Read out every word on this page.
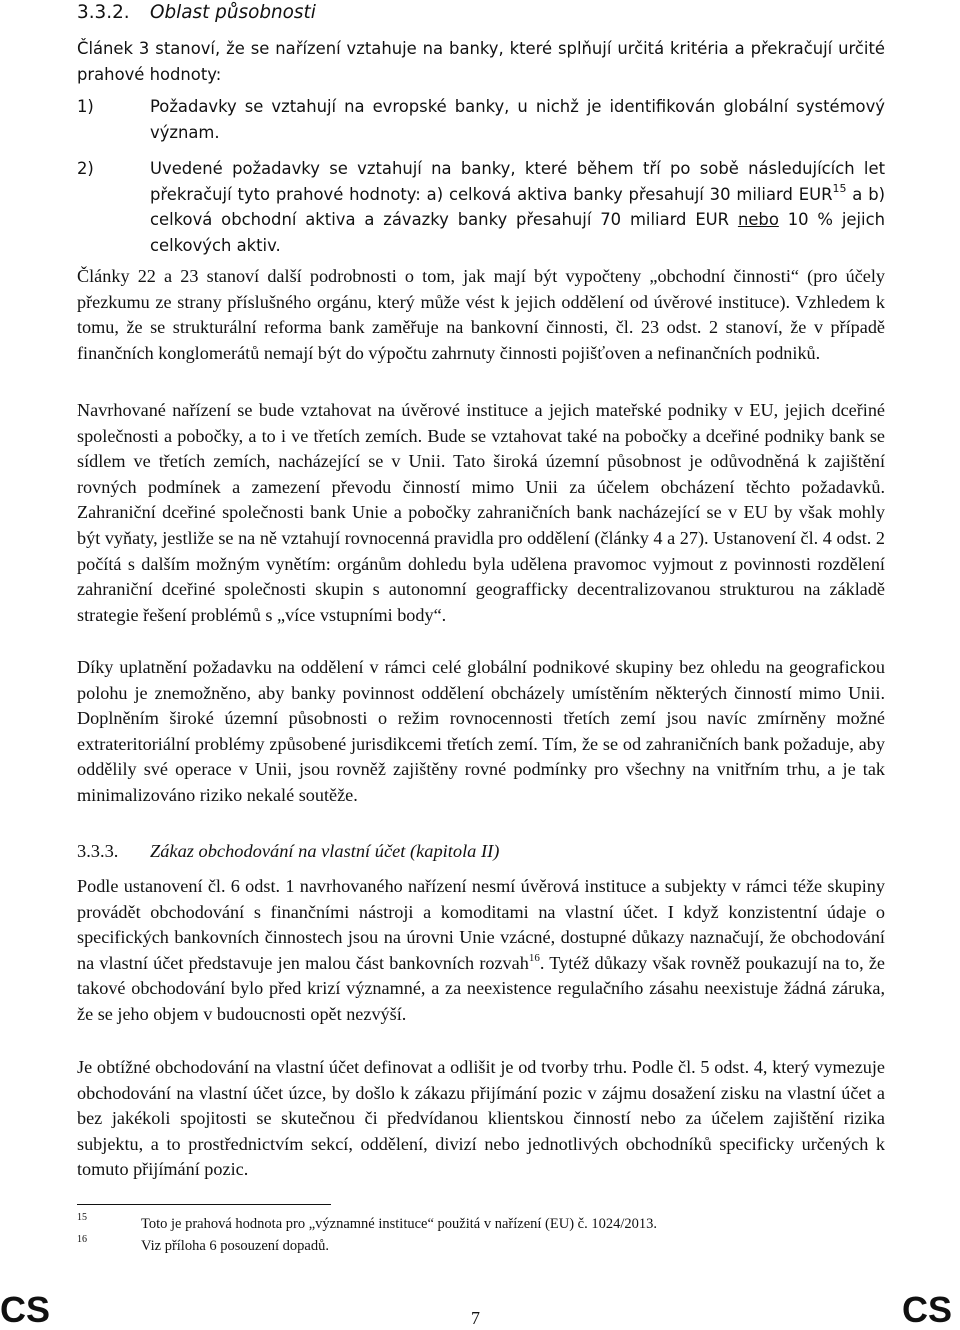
3.3.2. Oblast působnosti

Článek 3 stanoví, že se nařízení vztahuje na banky, které splňují určitá kritéria a překračují určité prahové hodnoty:

1)	Požadavky se vztahují na evropské banky, u nichž je identifikován globální systémový význam.

2)	Uvedené požadavky se vztahují na banky, které během tří po sobě následujících let překračují tyto prahové hodnoty: a) celková aktiva banky přesahují 30 miliard EUR$^{15}$ a b) celková obchodní aktiva a závazky banky přesahují 70 miliard EUR nebo 10 % jejich celkových aktiv.

Články 22 a 23 stanoví další podrobnosti o tom, jak mají být vypočteny „obchodní činnosti“ (pro účely přezkumu ze strany příslušného orgánu, který může vést k jejich oddělení od úvěrové instituce). Vzhledem k tomu, že se strukturální reforma bank zaměřuje na bankovní činnosti, čl. 23 odst. 2 stanoví, že v případě finančních konglomerátů nemají být do výpočtu zahrnuty činnosti pojišťoven a nefinančních podniků.

Navrhované nařízení se bude vztahovat na úvěrové instituce a jejich mateřské podniky v EU, jejich dceřiné společnosti a pobočky, a to i ve třetích zemích. Bude se vztahovat také na pobočky a dceřiné podniky bank se sídlem ve třetích zemích, nacházející se v Unii. Tato široká územní působnost je odůvodněná k zajištění rovných podmínek a zamezení převodu činností mimo Unii za účelem obcházení těchto požadavků. Zahraniční dceřiné společnosti bank Unie a pobočky zahraničních bank nacházející se v EU by však mohly být vyňaty, jestliže se na ně vztahují rovnocenná pravidla pro oddělení (články 4 a 27). Ustanovení čl. 4 odst. 2 počítá s dalším možným vynětím: orgánům dohledu byla udělena pravomoc vyjmout z povinnosti rozdělení zahraniční dceřiné společnosti skupin s autonomní geografficky decentralizovanou strukturou na základě strategie řešení problémů s „více vstupními body“.

Díky uplatnění požadavku na oddělení v rámci celé globální podnikové skupiny bez ohledu na geografickou polohu je znemožněno, aby banky povinnost oddělení obcházely umístěním některých činností mimo Unii. Doplněním široké územní působnosti o režim rovnocennosti třetích zemí jsou navíc zmírněny možné extrateritoriální problémy způsobené jurisdikcemi třetích zemí. Tím, že se od zahraničních bank požaduje, aby oddělily své operace v Unii, jsou rovněž zajištěny rovné podmínky pro všechny na vnitřním trhu, a je tak minimalizováno riziko nekalé soutěže.

3.3.3. Zákaz obchodování na vlastní účet (kapitola II)

Podle ustanovení čl. 6 odst. 1 navrhovaného nařízení nesmí úvěrová instituce a subjekty v rámci téže skupiny provádět obchodování s finančními nástroji a komoditami na vlastní účet. I když konzistentní údaje o specifických bankovních činnostech jsou na úrovni Unie vzácné, dostupné důkazy naznačují, že obchodování na vlastní účet představuje jen malou část bankovních rozvah$^{16}$. Tytéž důkazy však rovněž poukazují na to, že takové obchodování bylo před krizí významné, a za neexistence regulačního zásahu neexistuje žádná záruka, že se jeho objem v budoucnosti opět nezvýší.

Je obtížné obchodování na vlastní účet definovat a odlišit je od tvorby trhu. Podle čl. 5 odst. 4, který vymezuje obchodování na vlastní účet úzce, by došlo k zákazu přijímání pozic v zájmu dosažení zisku na vlastní účet a bez jakékoli spojitosti se skutečnou či předvídanou klientskou činností nebo za účelem zajištění rizika subjektu, a to prostřednictvím sekcí, oddělení, divizí nebo jednotlivých obchodníků specificky určených k tomuto přijímání pozic.

15	Toto je prahová hodnota pro „významné instituce“ použitá v nařízení (EU) č. 1024/2013.
16	Viz příloha 6 posouzení dopadů.
CS	7	CS
